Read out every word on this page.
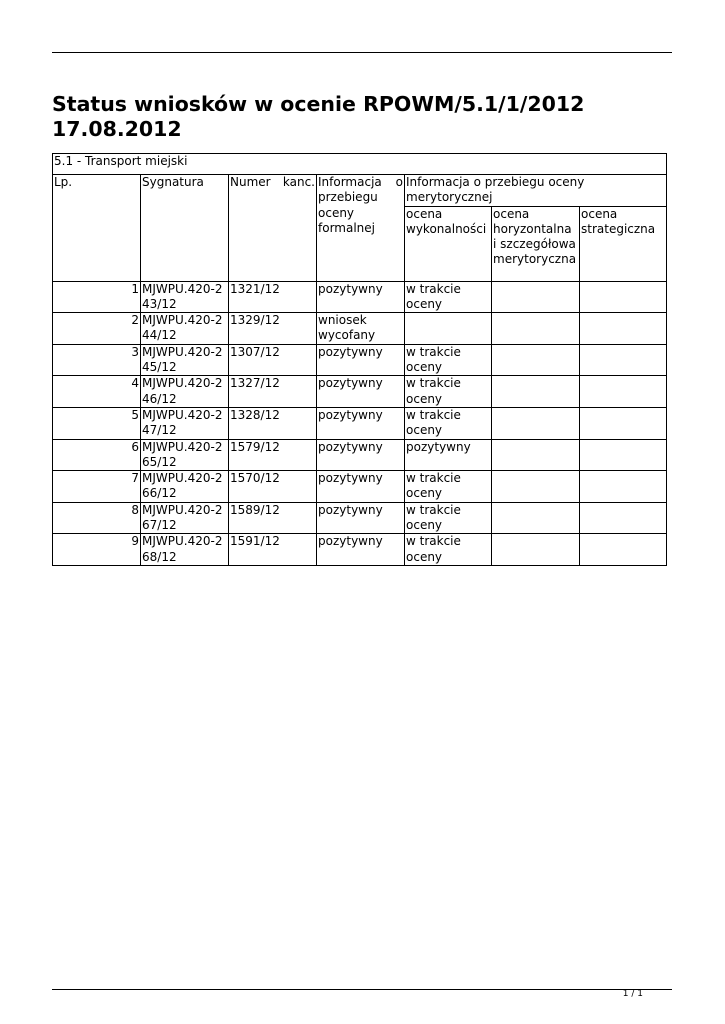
Status wniosków w ocenie RPOWM/5.1/1/2012 17.08.2012
5.1 - Transport miejski						
Lp.	Sygnatura	Numer kanc.	Informacja o przebiegu oceny formalnej	Informacja o przebiegu oceny merytorycznej		
				ocena wykonalności	ocena horyzontalna i szczegółowa merytoryczna	ocena strategiczna
1	MJWPU.420-2 43/12	1321/12	pozytywny	w trakcie oceny		
2	MJWPU.420-2 44/12	1329/12	wniosek wycofany			
3	MJWPU.420-2 45/12	1307/12	pozytywny	w trakcie oceny		
4	MJWPU.420-2 46/12	1327/12	pozytywny	w trakcie oceny		
5	MJWPU.420-2 47/12	1328/12	pozytywny	w trakcie oceny		
6	MJWPU.420-2 65/12	1579/12	pozytywny	pozytywny		
7	MJWPU.420-2 66/12	1570/12	pozytywny	w trakcie oceny		
8	MJWPU.420-2 67/12	1589/12	pozytywny	w trakcie oceny		
9	MJWPU.420-2 68/12	1591/12	pozytywny	w trakcie oceny		
1 / 1
